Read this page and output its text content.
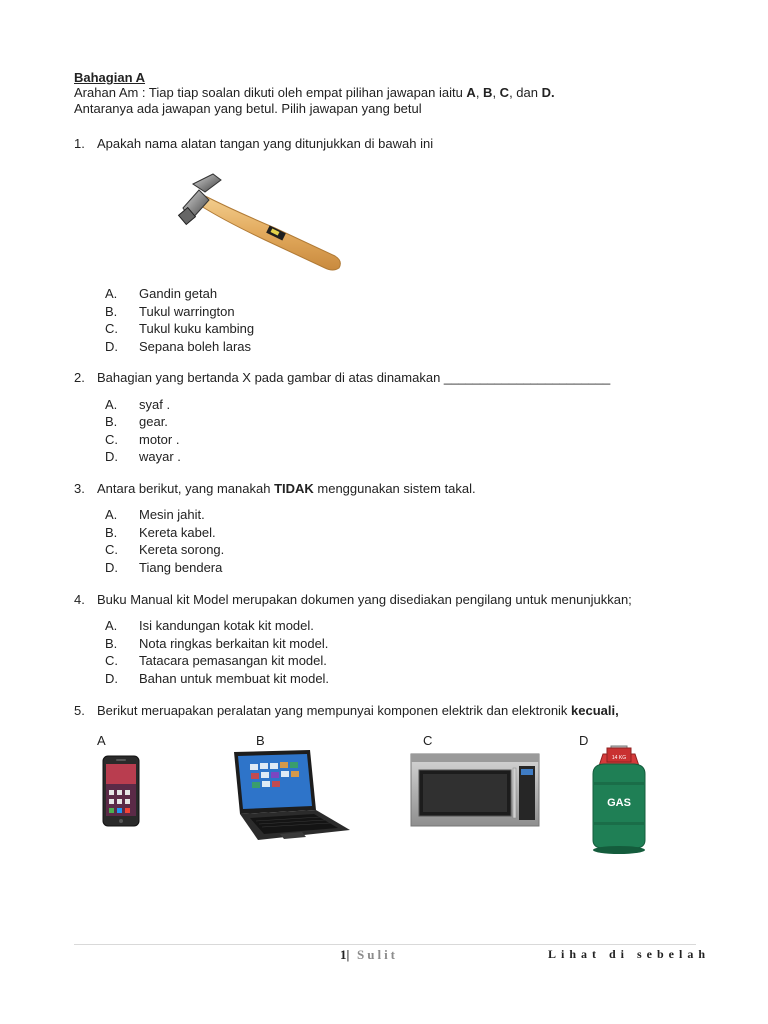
Bahagian A
Arahan Am : Tiap tiap soalan dikuti oleh empat pilihan jawapan iaitu A, B, C, dan D.
Antaranya ada jawapan yang betul. Pilih jawapan yang betul
1. Apakah nama alatan tangan yang ditunjukkan di bawah ini
A. Gandin getah
B. Tukul warrington
C. Tukul kuku kambing
D. Sepana boleh laras
2. Bahagian yang bertanda X pada gambar di atas dinamakan _______________________
A. syaf .
B. gear.
C. motor .
D. wayar .
3. Antara berikut, yang manakah TIDAK menggunakan sistem takal.
A. Mesin jahit.
B. Kereta kabel.
C. Kereta sorong.
D. Tiang bendera
4. Buku Manual kit Model merupakan dokumen yang disediakan pengilang untuk menunjukkan;
A. Isi kandungan kotak kit model.
B. Nota ringkas berkaitan kit model.
C. Tatacara pemasangan kit model.
D. Bahan untuk membuat kit model.
5. Berikut meruapakan peralatan yang mempunyai komponen elektrik dan elektronik kecuali,
A	B	C	D
GAS
14 KG
1| Sulit	Lihat di sebelah
